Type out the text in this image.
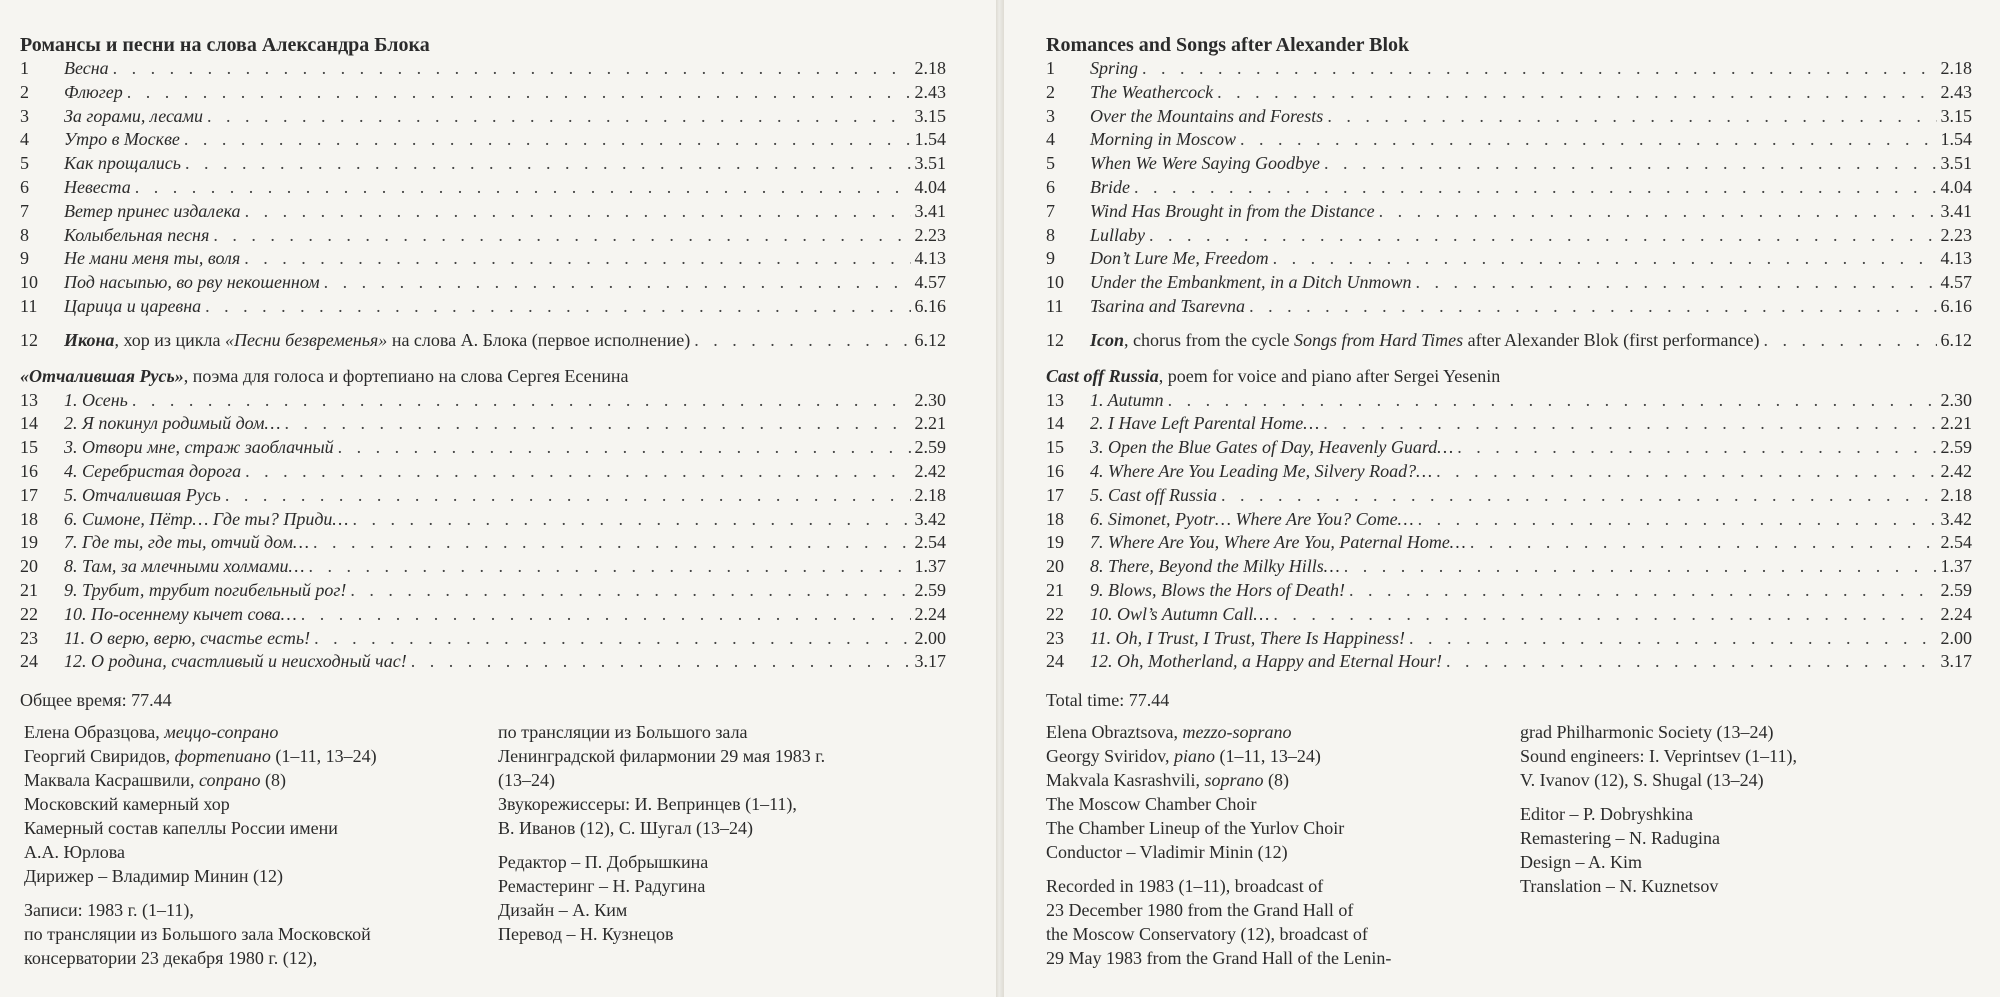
Романсы и песни на слова Александра Блока
1	Весна . . .	2.18
2	Флюгер . . .	2.43
3	За горами, лесами . . .	3.15
4	Утро в Москве . . .	1.54
5	Как прощались . . .	3.51
6	Невеста . . .	4.04
7	Ветер принес издалека . . .	3.41
8	Колыбельная песня . . .	2.23
9	Не мани меня ты, воля . . .	4.13
10	Под насыпью, во рву некошенном . . .	4.57
11	Царица и царевна . . .	6.16
12	Икона, хор из цикла «Песни безвременья» на слова А. Блока (первое исполнение) . . .	6.12
«Отчалившая Русь», поэма для голоса и фортепиано на слова Сергея Есенина
13	1. Осень . . .	2.30
14	2. Я покинул родимый дом… . . .	2.21
15	3. Отвори мне, страж заоблачный . . .	2.59
16	4. Серебристая дорога . . .	2.42
17	5. Отчалившая Русь . . .	2.18
18	6. Симоне, Пётр… Где ты? Приди… . . .	3.42
19	7. Где ты, где ты, отчий дом… . . .	2.54
20	8. Там, за млечными холмами… . . .	1.37
21	9. Трубит, трубит погибельный рог! . . .	2.59
22	10. По-осеннему кычет сова… . . .	2.24
23	11. О верю, верю, счастье есть! . . .	2.00
24	12. О родина, счастливый и неисходный час! . . .	3.17
Общее время: 77.44
Елена Образцова, меццо-сопрано
Георгий Свиридов, фортепиано (1–11, 13–24)
Маквала Касрашвили, сопрано (8)
Московский камерный хор
Камерный состав капеллы России имени
А.А. Юрлова
Дирижер – Владимир Минин (12)
Записи: 1983 г. (1–11),
по трансляции из Большого зала Московской
консерватории 23 декабря 1980 г. (12),
по трансляции из Большого зала
Ленинградской филармонии 29 мая 1983 г.
(13–24)
Звукорежиссеры: И. Вепринцев (1–11),
В. Иванов (12), С. Шугал (13–24)
Редактор – П. Добрышкина
Ремастеринг – Н. Радугина
Дизайн – А. Ким
Перевод – Н. Кузнецов
Romances and Songs after Alexander Blok
1	Spring . . .	2.18
2	The Weathercock . . .	2.43
3	Over the Mountains and Forests . . .	3.15
4	Morning in Moscow . . .	1.54
5	When We Were Saying Goodbye . . .	3.51
6	Bride . . .	4.04
7	Wind Has Brought in from the Distance . . .	3.41
8	Lullaby . . .	2.23
9	Don’t Lure Me, Freedom . . .	4.13
10	Under the Embankment, in a Ditch Unmown . . .	4.57
11	Tsarina and Tsarevna . . .	6.16
12	Icon, chorus from the cycle Songs from Hard Times after Alexander Blok (first performance) . . .	6.12
Cast off Russia, poem for voice and piano after Sergei Yesenin
13	1. Autumn . . .	2.30
14	2. I Have Left Parental Home… . . .	2.21
15	3. Open the Blue Gates of Day, Heavenly Guard… . . .	2.59
16	4. Where Are You Leading Me, Silvery Road?… . . .	2.42
17	5. Cast off Russia . . .	2.18
18	6. Simonet, Pyotr… Where Are You? Come… . . .	3.42
19	7. Where Are You, Where Are You, Paternal Home… . . .	2.54
20	8. There, Beyond the Milky Hills… . . .	1.37
21	9. Blows, Blows the Hors of Death! . . .	2.59
22	10. Owl’s Autumn Call… . . .	2.24
23	11. Oh, I Trust, I Trust, There Is Happiness! . . .	2.00
24	12. Oh, Motherland, a Happy and Eternal Hour! . . .	3.17
Total time: 77.44
Elena Obraztsova, mezzo-soprano
Georgy Sviridov, piano (1–11, 13–24)
Makvala Kasrashvili, soprano (8)
The Moscow Chamber Choir
The Chamber Lineup of the Yurlov Choir
Conductor – Vladimir Minin (12)
Recorded in 1983 (1–11), broadcast of
23 December 1980 from the Grand Hall of
the Moscow Conservatory (12), broadcast of
29 May 1983 from the Grand Hall of the Lenin-
grad Philharmonic Society (13–24)
Sound engineers: I. Veprintsev (1–11),
V. Ivanov (12), S. Shugal (13–24)
Editor – P. Dobryshkina
Remastering – N. Radugina
Design – A. Kim
Translation – N. Kuznetsov
